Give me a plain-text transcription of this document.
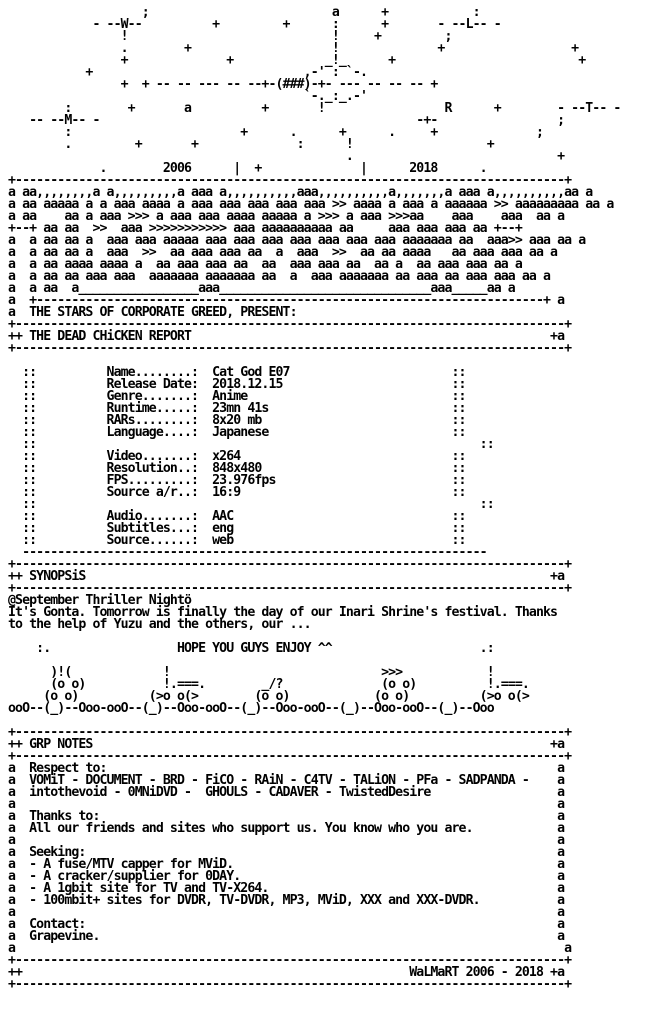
;                          a      +            :
- --W--          +         +      :      +       - --L-- -
!                             !     +         ;
.        +                    !              +                  +
+              +             _!_      +                          +
+                              ,-' : `-.
+  + -- -- --- -- --+-(###)-+- --- -- -- -- +
`-._:_.-'
:        +       a          +       !                 R      +        - --T-- -
-- --M-- -                                             -+-                 ;
:                        +      .      +      .     +              ;
.         +       +              :      !                   +
.                             +
.        2006      |  +              |      2018      .
+------------------------------------------------------------------------------+
a aa,,,,,,,,a a,,,,,,,,,a aaa a,,,,,,,,,,aaa,,,,,,,,,,a,,,,,,,a aaa a,,,,,,,,,,aa a
a aa aaaaa a a aaa aaaa a aaa aaa aaa aaa aaa >> aaaa a aaa a aaaaaa >> aaaaaaaaa aa a
a aa    aa a aaa >>> a aaa aaa aaaa aaaaa a >>> a aaa >>>aa    aaa    aaa  aa a
+--+ aa aa  >>  aaa >>>>>>>>>>> aaa aaaaaaaaaa aa     aaa aaa aaa aa +--+
a  a aa aa a  aaa aaa aaaaa aaa aaa aaa aaa aaa aaa aaa aaaaaaa aa  aaa>> aaa aa a
a  a aa aa a  aaa  >>  aa aaa aaa aa  a  aaa  >>  aa aa aaaa   aa aaa aaa aa a
a  a aa aaaa aaaa a  aa aaa aaa aa  aa  aaa aaa aa  aa a  aa aaa aaa aa a
a  a aa aa aaa aaa  aaaaaaa aaaaaaa aa  a  aaa aaaaaaa aa aaa aa aaa aaa aa a
a  a aa  a_________________aaa______________________________aaa_____aa a
a  +------------------------------------------------------------------------+ a
a  THE STARS OF CORPORATE GREED, PRESENT:
+------------------------------------------------------------------------------+
++ THE DEAD CHiCKEN REPORT                                                   +a
+------------------------------------------------------------------------------+
::          Name........:  Cat God E07                       ::
::          Release Date:  2018.12.15                        ::
::          Genre.......:  Anime                             ::
::          Runtime.....:  23mn 41s                          ::
::          RARs........:  8x20 mb                           ::
::          Language....:  Japanese                          ::
::                                                               ::
::          Video.......:  x264                              ::
::          Resolution..:  848x480                           ::
::          FPS.........:  23.976fps                         ::
::          Source a/r..:  16:9                              ::
::                                                               ::
::          Audio.......:  AAC                               ::
::          Subtitles...:  eng                               ::
::          Source......:  web                               ::
------------------------------------------------------------------
+------------------------------------------------------------------------------+
++ SYNOPSiS                                                                  +a
+------------------------------------------------------------------------------+
@September Thriller Nightö
It's Gonta. Tomorrow is finally the day of our Inari Shrine's festival. Thanks
to the help of Yuzu and the others, our ...
:.                  HOPE YOU GUYS ENJOY ^^                     .:
)!(             !                              >>>            !
(o o)           !.===.        _/?              (o o)          !.===.
(o o)          (>o o(>        (o o)            (o o)          (>o o(>
ooO--(_)--Ooo-ooO--(_)--Ooo-ooO--(_)--Ooo-ooO--(_)--Ooo-ooO--(_)--Ooo
+------------------------------------------------------------------------------+
++ GRP NOTES                                                                 +a
+------------------------------------------------------------------------------+
a  Respect to:                                                                a
a  VOMiT - DOCUMENT - BRD - FiCO - RAiN - C4TV - TALiON - PFa - SADPANDA -    a
a  intothevoid - 0MNiDVD -  GHOULS - CADAVER - TwistedDesire                  a
a                                                                             a
a  Thanks to:                                                                 a
a  All our friends and sites who support us. You know who you are.            a
a                                                                             a
a  Seeking:                                                                   a
a  - A fuse/MTV capper for MViD.                                              a
a  - A cracker/supplier for 0DAY.                                             a
a  - A 1gbit site for TV and TV-X264.                                         a
a  - 100mbit+ sites for DVDR, TV-DVDR, MP3, MViD, XXX and XXX-DVDR.           a
a                                                                             a
a  Contact:                                                                   a
a  Grapevine.                                                                 a
a                                                                              a
+------------------------------------------------------------------------------+
++                                                       WaLMaRT 2006 - 2018 +a
+------------------------------------------------------------------------------+
